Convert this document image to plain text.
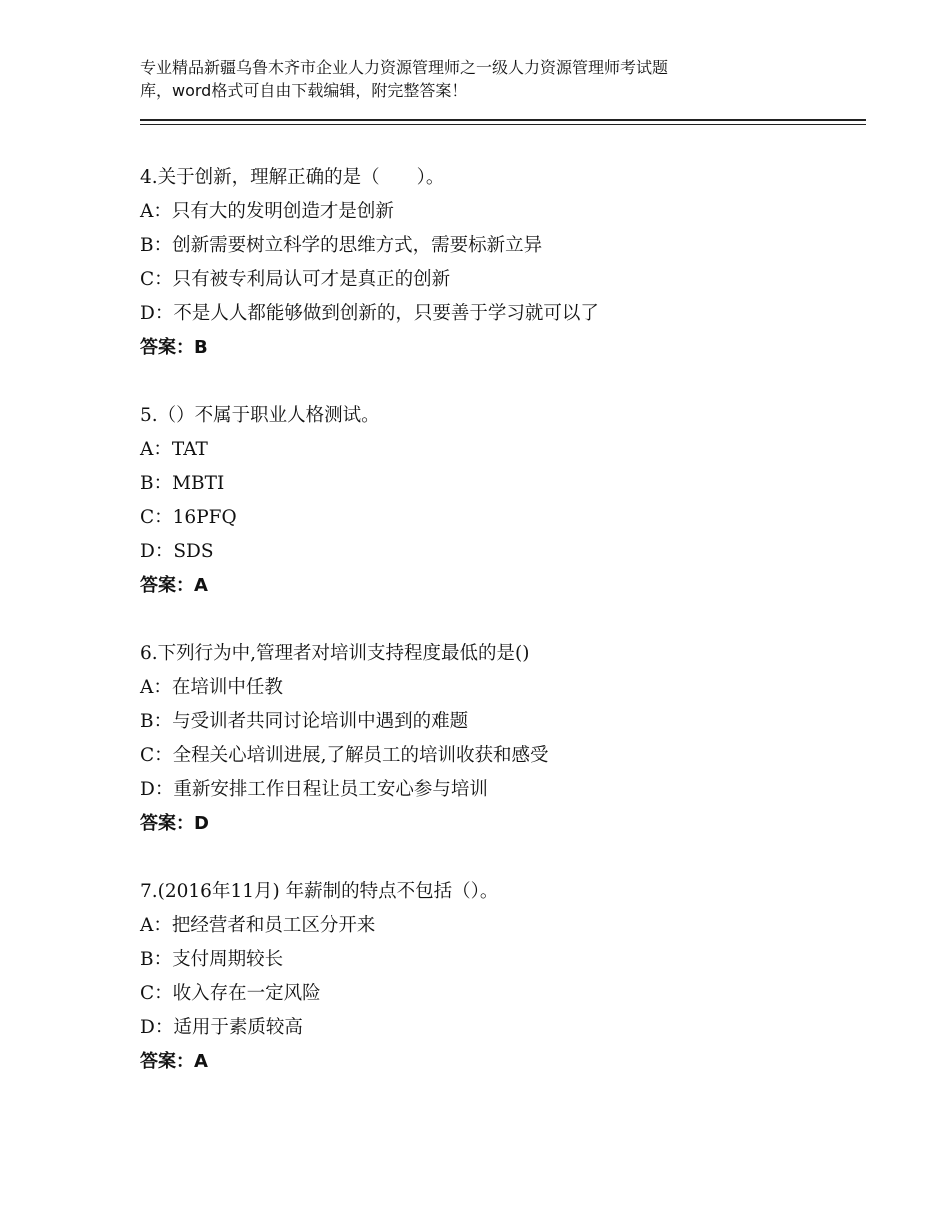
专业精品新疆乌鲁木齐市企业人力资源管理师之一级人力资源管理师考试题
库，word格式可自由下载编辑，附完整答案！
4.关于创新，理解正确的是（　　）。
A：只有大的发明创造才是创新
B：创新需要树立科学的思维方式，需要标新立异
C：只有被专利局认可才是真正的创新
D：不是人人都能够做到创新的，只要善于学习就可以了
答案：B
5.（）不属于职业人格测试。
A：TAT
B：MBTI
C：16PFQ
D：SDS
答案：A
6.下列行为中,管理者对培训支持程度最低的是()
A：在培训中任教
B：与受训者共同讨论培训中遇到的难题
C：全程关心培训进展,了解员工的培训收获和感受
D：重新安排工作日程让员工安心参与培训
答案：D
7.(2016年11月) 年薪制的特点不包括（）。
A：把经营者和员工区分开来
B：支付周期较长
C：收入存在一定风险
D：适用于素质较高
答案：A
